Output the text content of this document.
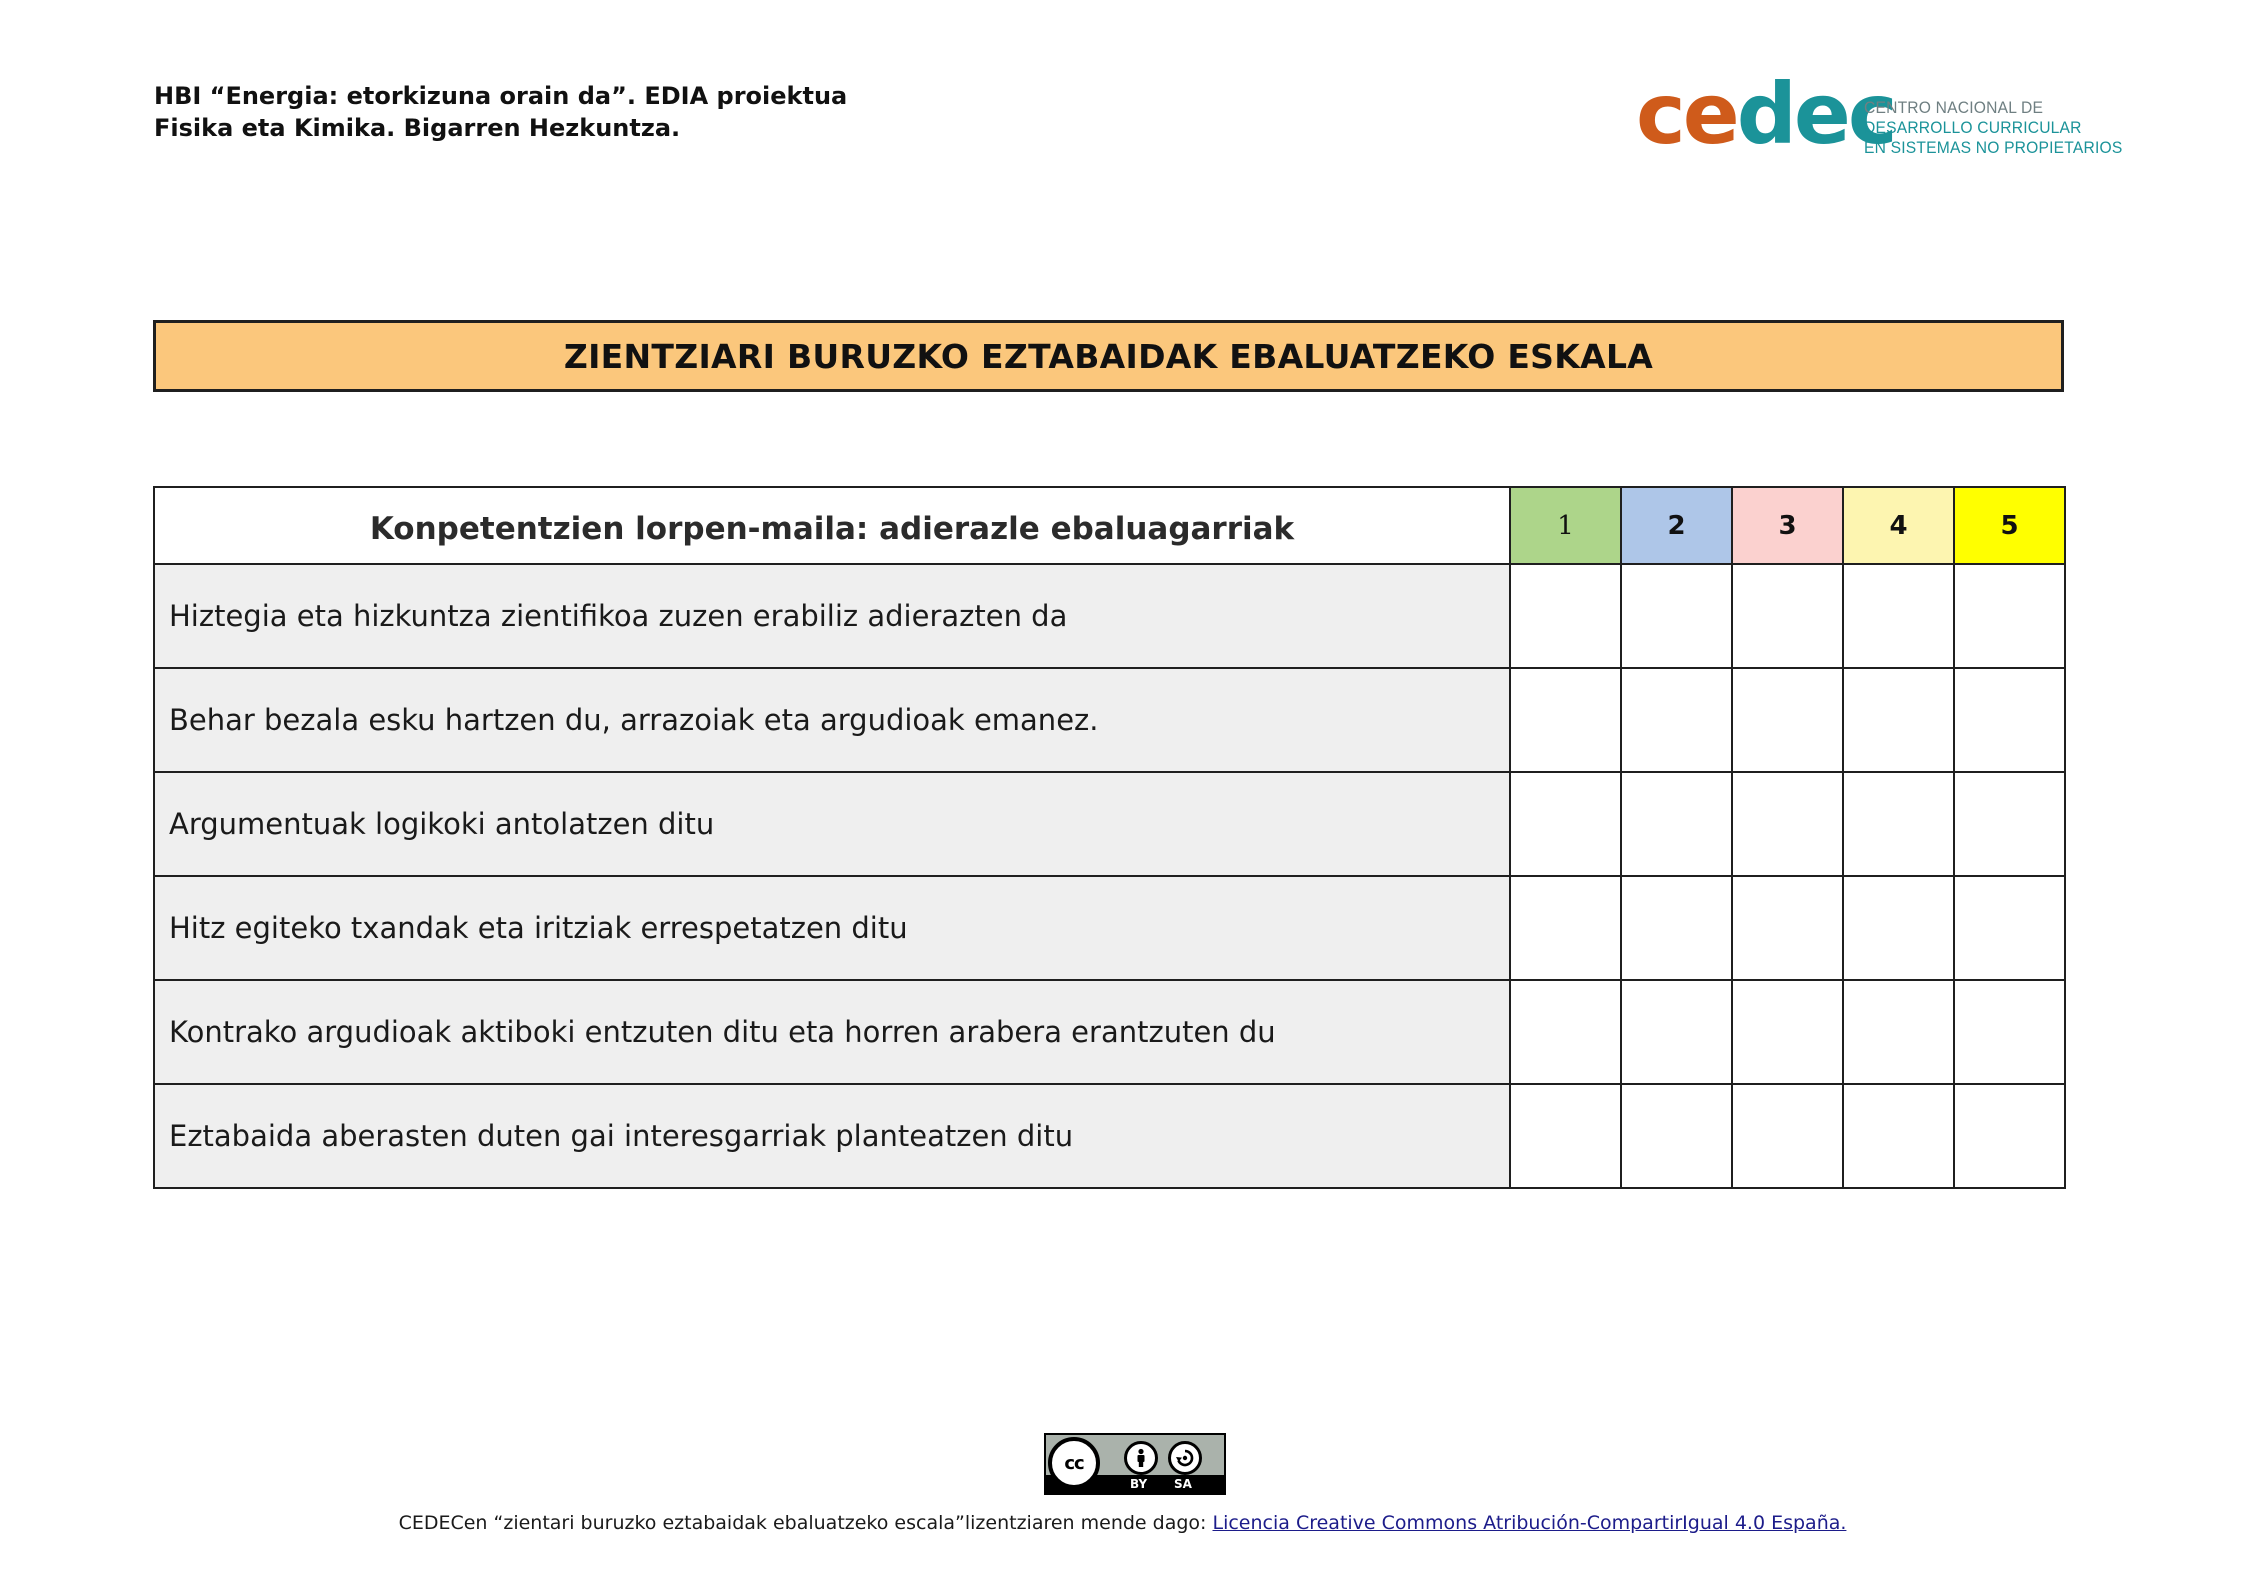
HBI “Energia: etorkizuna orain da”. EDIA proiektua
Fisika eta Kimika. Bigarren Hezkuntza.	cedec
CENTRO NACIONAL DE
DESARROLLO CURRICULAR
EN SISTEMAS NO PROPIETARIOS
ZIENTZIARI BURUZKO EZTABAIDAK EBALUATZEKO ESKALA
Konpetentzien lorpen-maila: adierazle ebaluagarriak	1	2	3	4	5
Hiztegia eta hizkuntza zientifikoa zuzen erabiliz adierazten da					
Behar bezala esku hartzen du, arrazoiak eta argudioak emanez.					
Argumentuak logikoki antolatzen ditu					
Hitz egiteko txandak eta iritziak errespetatzen ditu					
Kontrako argudioak aktiboki entzuten ditu eta horren arabera erantzuten du					
Eztabaida aberasten duten gai interesgarriak planteatzen ditu					
cc
BY SA
CEDECen “zientari buruzko eztabaidak ebaluatzeko escala”lizentziaren mende dago: Licencia Creative Commons Atribución-CompartirIgual 4.0 España.
